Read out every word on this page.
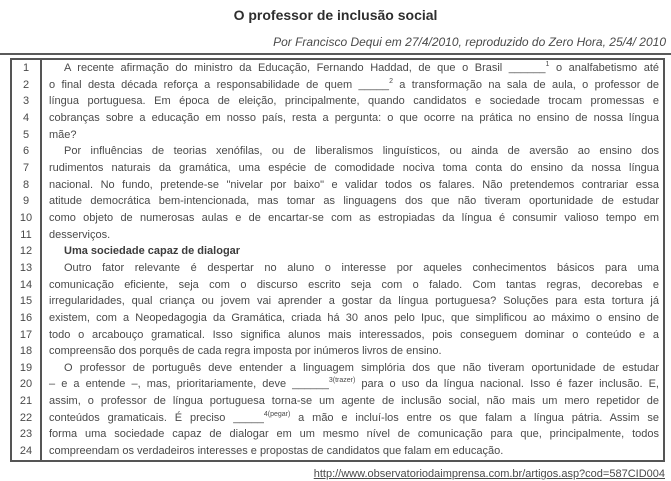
O professor de inclusão social
Por Francisco Dequi em 27/4/2010, reproduzido do Zero Hora, 25/4/ 2010
1	A recente afirmação do ministro da Educação, Fernando Haddad, de que o Brasil ______$^1$ o analfabetismo até
2	o final desta década reforça a responsabilidade de quem _____$^2$ a transformação na sala de aula, o professor de
3	língua portuguesa. Em época de eleição, principalmente, quando candidatos e sociedade trocam promessas e
4	cobranças sobre a educação em nosso país, resta a pergunta: o que ocorre na prática no ensino de nossa língua
5	mãe?
6	Por influências de teorias xenófilas, ou de liberalismos linguísticos, ou ainda de aversão ao ensino dos
7	rudimentos naturais da gramática, uma espécie de comodidade nociva toma conta do ensino da nossa língua
8	nacional. No fundo, pretende-se "nivelar por baixo" e validar todos os falares. Não pretendemos contrariar essa
9	atitude democrática bem-intencionada, mas tomar as linguagens dos que não tiveram oportunidade de estudar
10	como objeto de numerosas aulas e de encartar-se com as estropiadas da língua é consumir valioso tempo em
11	desserviços.
12	Uma sociedade capaz de dialogar
13	Outro fator relevante é despertar no aluno o interesse por aqueles conhecimentos básicos para uma
14	comunicação eficiente, seja com o discurso escrito seja com o falado. Com tantas regras, decorebas e
15	irregularidades, qual criança ou jovem vai aprender a gostar da língua portuguesa? Soluções para esta tortura já
16	existem, com a Neopedagogia da Gramática, criada há 30 anos pelo Ipuc, que simplificou ao máximo o ensino de
17	todo o arcabouço gramatical. Isso significa alunos mais interessados, pois conseguem dominar o conteúdo e a
18	compreensão dos porquês de cada regra imposta por inúmeros livros de ensino.
19	O professor de português deve entender a linguagem simplória dos que não tiveram oportunidade de estudar
20	– e a entende –, mas, prioritariamente, deve ______$^{3(trazer)}$ para o uso da língua nacional. Isso é fazer inclusão. E,
21	assim, o professor de língua portuguesa torna-se um agente de inclusão social, não mais um mero repetidor de
22	conteúdos gramaticais. É preciso _____$^{4(pegar)}$ a mão e incluí-los entre os que falam a língua pátria. Assim se
23	forma uma sociedade capaz de dialogar em um mesmo nível de comunicação para que, principalmente, todos
24	compreendam os verdadeiros interesses e propostas de candidatos que falam em educação.
http://www.observatoriodaimprensa.com.br/artigos.asp?cod=587CID004
